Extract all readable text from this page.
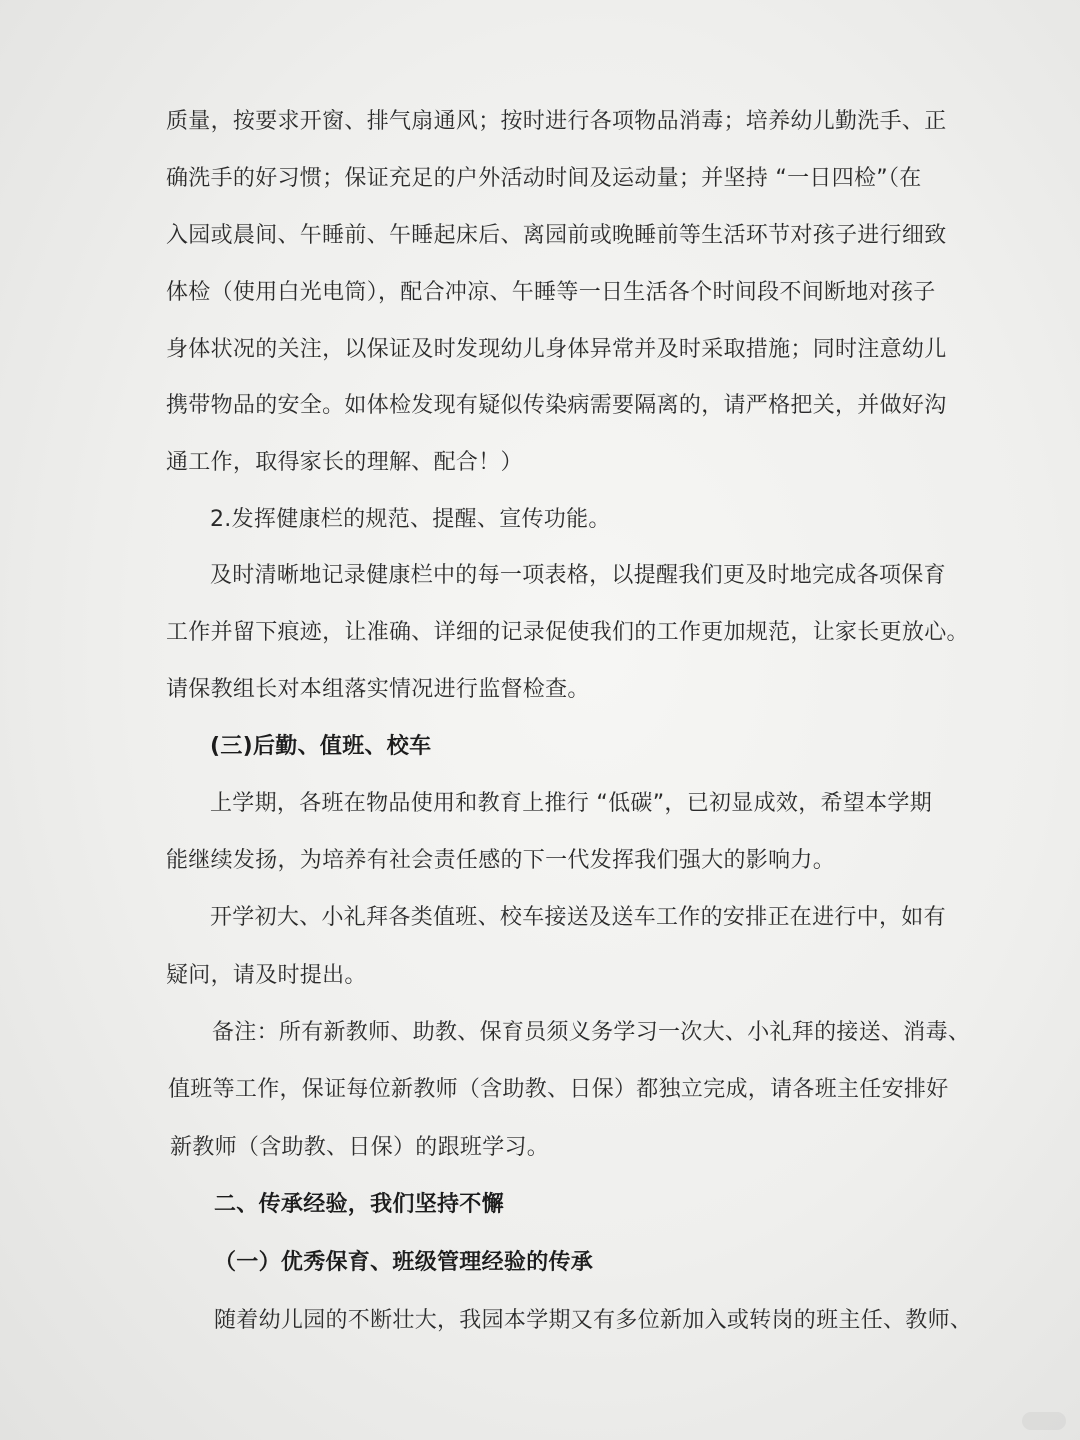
质量，按要求开窗、排气扇通风；按时进行各项物品消毒；培养幼儿勤洗手、正
确洗手的好习惯；保证充足的户外活动时间及运动量；并坚持 “一日四检”（在
入园或晨间、午睡前、午睡起床后、离园前或晚睡前等生活环节对孩子进行细致
体检（使用白光电筒），配合冲凉、午睡等一日生活各个时间段不间断地对孩子
身体状况的关注，以保证及时发现幼儿身体异常并及时采取措施；同时注意幼儿
携带物品的安全。如体检发现有疑似传染病需要隔离的，请严格把关，并做好沟
通工作，取得家长的理解、配合！）
2.发挥健康栏的规范、提醒、宣传功能。
及时清晰地记录健康栏中的每一项表格，以提醒我们更及时地完成各项保育
工作并留下痕迹，让准确、详细的记录促使我们的工作更加规范，让家长更放心。
请保教组长对本组落实情况进行监督检查。
(三)后勤、值班、校车
上学期，各班在物品使用和教育上推行 “低碳”，已初显成效，希望本学期
能继续发扬，为培养有社会责任感的下一代发挥我们强大的影响力。
开学初大、小礼拜各类值班、校车接送及送车工作的安排正在进行中，如有
疑问，请及时提出。
备注：所有新教师、助教、保育员须义务学习一次大、小礼拜的接送、消毒、
值班等工作，保证每位新教师（含助教、日保）都独立完成，请各班主任安排好
新教师（含助教、日保）的跟班学习。
二、传承经验，我们坚持不懈
（一）优秀保育、班级管理经验的传承
随着幼儿园的不断壮大，我园本学期又有多位新加入或转岗的班主任、教师、
